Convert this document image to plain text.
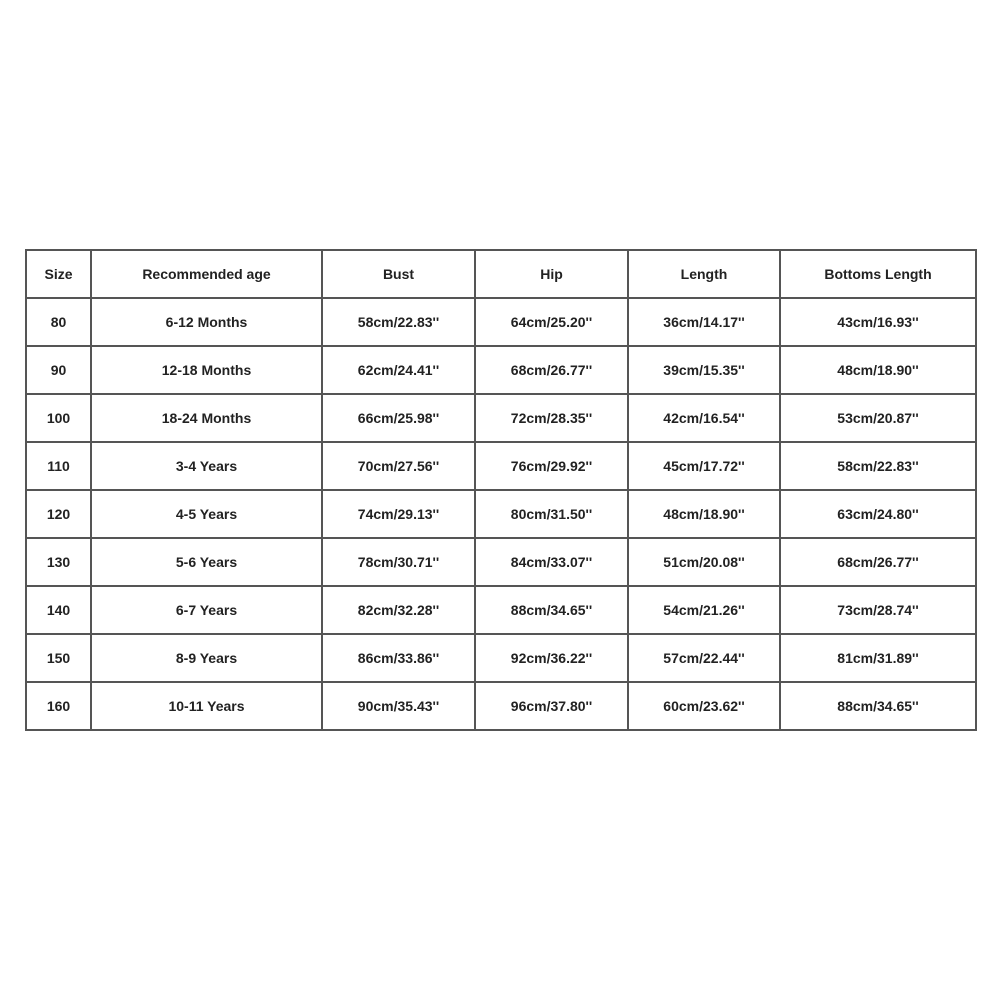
Size	Recommended age	Bust	Hip	Length	Bottoms Length
80	6-12 Months	58cm/22.83''	64cm/25.20''	36cm/14.17''	43cm/16.93''
90	12-18 Months	62cm/24.41''	68cm/26.77''	39cm/15.35''	48cm/18.90''
100	18-24 Months	66cm/25.98''	72cm/28.35''	42cm/16.54''	53cm/20.87''
110	3-4 Years	70cm/27.56''	76cm/29.92''	45cm/17.72''	58cm/22.83''
120	4-5 Years	74cm/29.13''	80cm/31.50''	48cm/18.90''	63cm/24.80''
130	5-6 Years	78cm/30.71''	84cm/33.07''	51cm/20.08''	68cm/26.77''
140	6-7 Years	82cm/32.28''	88cm/34.65''	54cm/21.26''	73cm/28.74''
150	8-9 Years	86cm/33.86''	92cm/36.22''	57cm/22.44''	81cm/31.89''
160	10-11 Years	90cm/35.43''	96cm/37.80''	60cm/23.62''	88cm/34.65''
